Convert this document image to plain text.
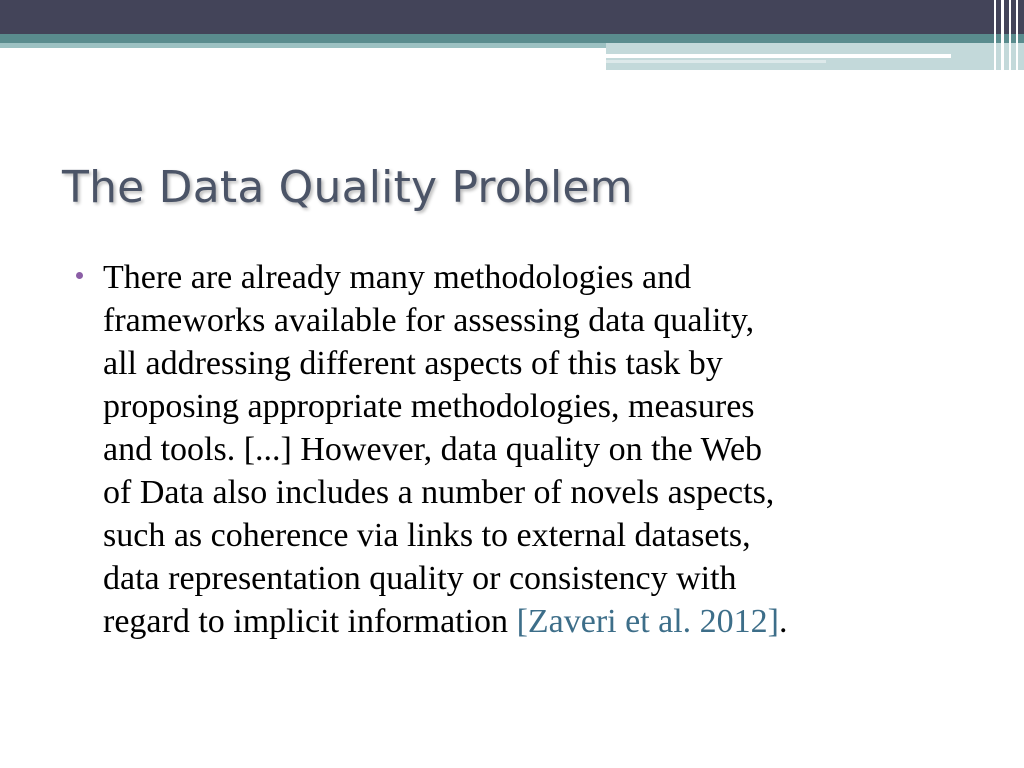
The Data Quality Problem

There are already many methodologies and
frameworks available for assessing data quality,
all addressing different aspects of this task by
proposing appropriate methodologies, measures
and tools. [...] However, data quality on the Web
of Data also includes a number of novels aspects,
such as coherence via links to external datasets,
data representation quality or consistency with
regard to implicit information [Zaveri et al. 2012].
